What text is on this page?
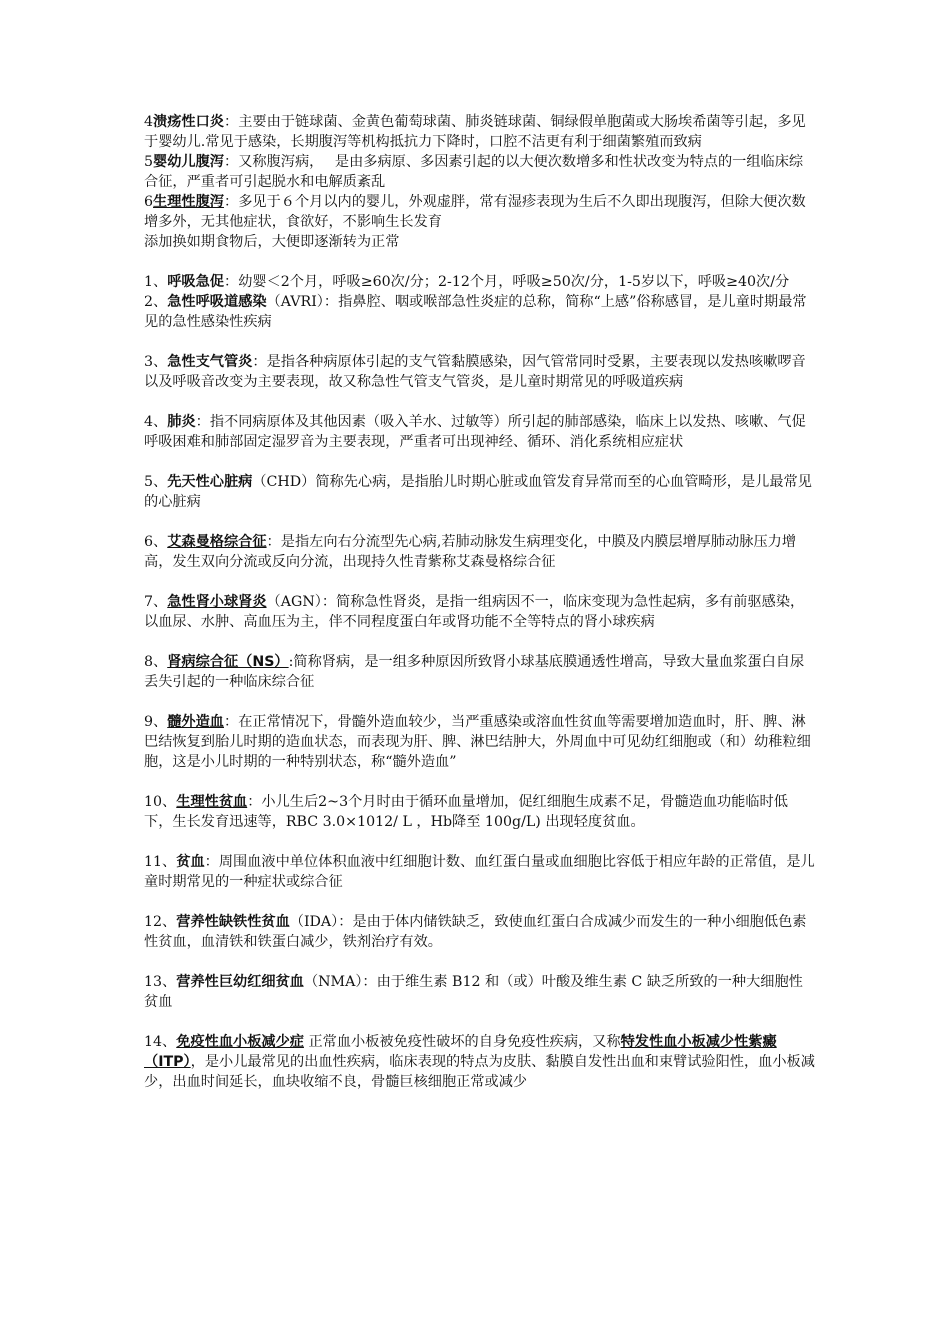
4溃疡性口炎：主要由于链球菌、金黄色葡萄球菌、肺炎链球菌、铜绿假单胞菌或大肠埃希菌等引起，多见于婴幼儿.常见于感染，长期腹泻等机构抵抗力下降时，口腔不洁更有利于细菌繁殖而致病

5婴幼儿腹泻：又称腹泻病，　 是由多病原、多因素引起的以大便次数增多和性状改变为特点的一组临床综合征，严重者可引起脱水和电解质紊乱

6生理性腹泻：多见于６个月以内的婴儿，外观虚胖，常有湿疹表现为生后不久即出现腹泻，但除大便次数增多外，无其他症状，食欲好，不影响生长发育

添加换如期食物后，大便即逐渐转为正常

1、呼吸急促：幼婴＜2个月，呼吸≥60次/分；2-12个月，呼吸≥50次/分，1-5岁以下，呼吸≥40次/分

2、急性呼吸道感染（AVRI）：指鼻腔、咽或喉部急性炎症的总称，简称“上感”俗称感冒，是儿童时期最常见的急性感染性疾病

3、急性支气管炎：是指各种病原体引起的支气管黏膜感染，因气管常同时受累，主要表现以发热咳嗽啰音以及呼吸音改变为主要表现，故又称急性气管支气管炎，是儿童时期常见的呼吸道疾病

4、肺炎：指不同病原体及其他因素（吸入羊水、过敏等）所引起的肺部感染，临床上以发热、咳嗽、气促呼吸困难和肺部固定湿罗音为主要表现，严重者可出现神经、循环、消化系统相应症状

5、先天性心脏病（CHD）简称先心病，是指胎儿时期心脏或血管发育异常而至的心血管畸形，是儿最常见的心脏病

6、艾森曼格综合征：是指左向右分流型先心病,若肺动脉发生病理变化，中膜及内膜层增厚肺动脉压力增高，发生双向分流或反向分流，出现持久性青紫称艾森曼格综合征

7、急性肾小球肾炎（AGN）：简称急性肾炎，是指一组病因不一，临床变现为急性起病，多有前驱感染，以血尿、水肿、高血压为主，伴不同程度蛋白年或肾功能不全等特点的肾小球疾病

8、肾病综合征（NS）:简称肾病，是一组多种原因所致肾小球基底膜通透性增高，导致大量血浆蛋白自尿丢失引起的一种临床综合征

9、髓外造血：在正常情况下，骨髓外造血较少，当严重感染或溶血性贫血等需要增加造血时，肝、脾、淋巴结恢复到胎儿时期的造血状态，而表现为肝、脾、淋巴结肿大，外周血中可见幼红细胞或（和）幼稚粒细胞，这是小儿时期的一种特别状态，称“髓外造血”

10、生理性贫血：小儿生后2~3个月时由于循环血量增加，促红细胞生成素不足，骨髓造血功能临时低下，生长发育迅速等，RBC 3.0×1012/ L ，Hb降至 100g/L) 出现轻度贫血。

11、贫血：周围血液中单位体积血液中红细胞计数、血红蛋白量或血细胞比容低于相应年龄的正常值，是儿童时期常见的一种症状或综合征

12、营养性缺铁性贫血（IDA）：是由于体内储铁缺乏，致使血红蛋白合成减少而发生的一种小细胞低色素性贫血，血清铁和铁蛋白减少，铁剂治疗有效。

13、营养性巨幼红细贫血（NMA）：由于维生素 B12 和（或）叶酸及维生素 C 缺乏所致的一种大细胞性贫血

14、免疫性血小板减少症 正常血小板被免疫性破坏的自身免疫性疾病，又称特发性血小板减少性紫癜（ITP），是小儿最常见的出血性疾病，临床表现的特点为皮肤、黏膜自发性出血和束臂试验阳性，血小板减少，出血时间延长，血块收缩不良，骨髓巨核细胞正常或减少
